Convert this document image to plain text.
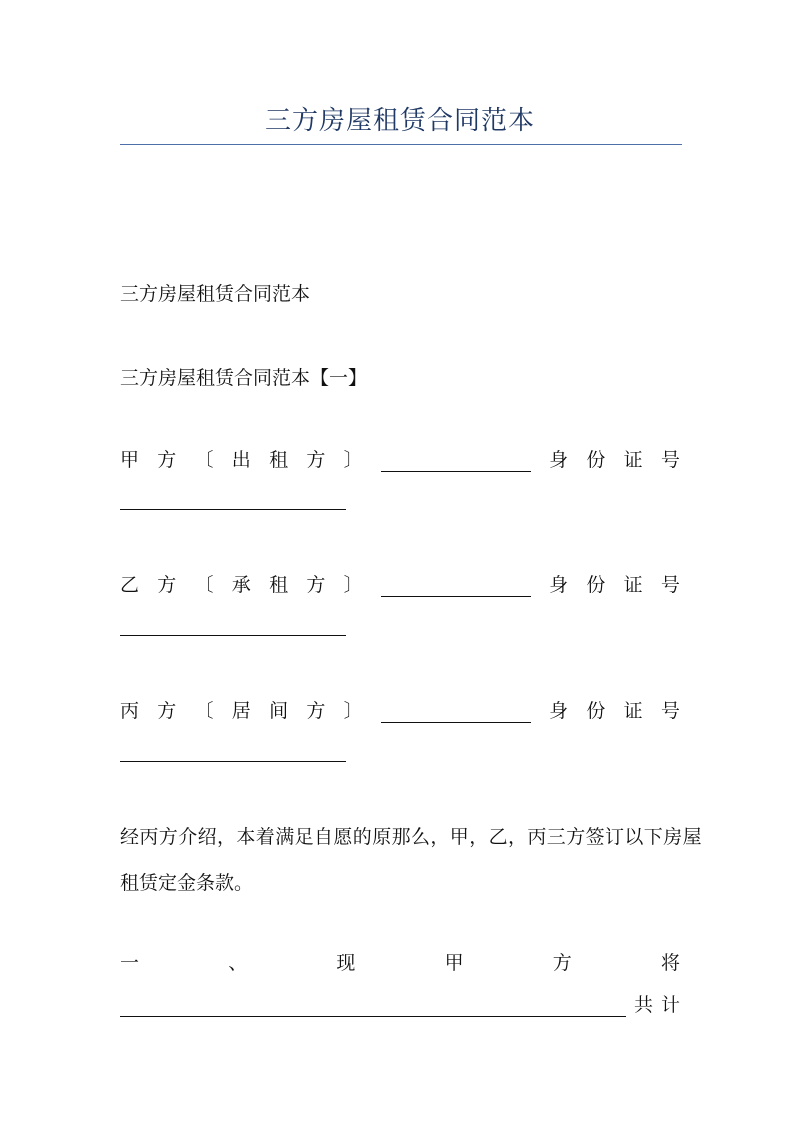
三方房屋租赁合同范本
三方房屋租赁合同范本
三方房屋租赁合同范本【一】
甲 方 〔 出 租 方 〕	身 份 证 号
乙 方 〔 承 租 方 〕	身 份 证 号
丙 方 〔 居 间 方 〕	身 份 证 号
经丙方介绍，本着满足自愿的原那么，甲，乙，丙三方签订以下房屋
租赁定金条款。
一	、	现	甲	方	将
共 计
